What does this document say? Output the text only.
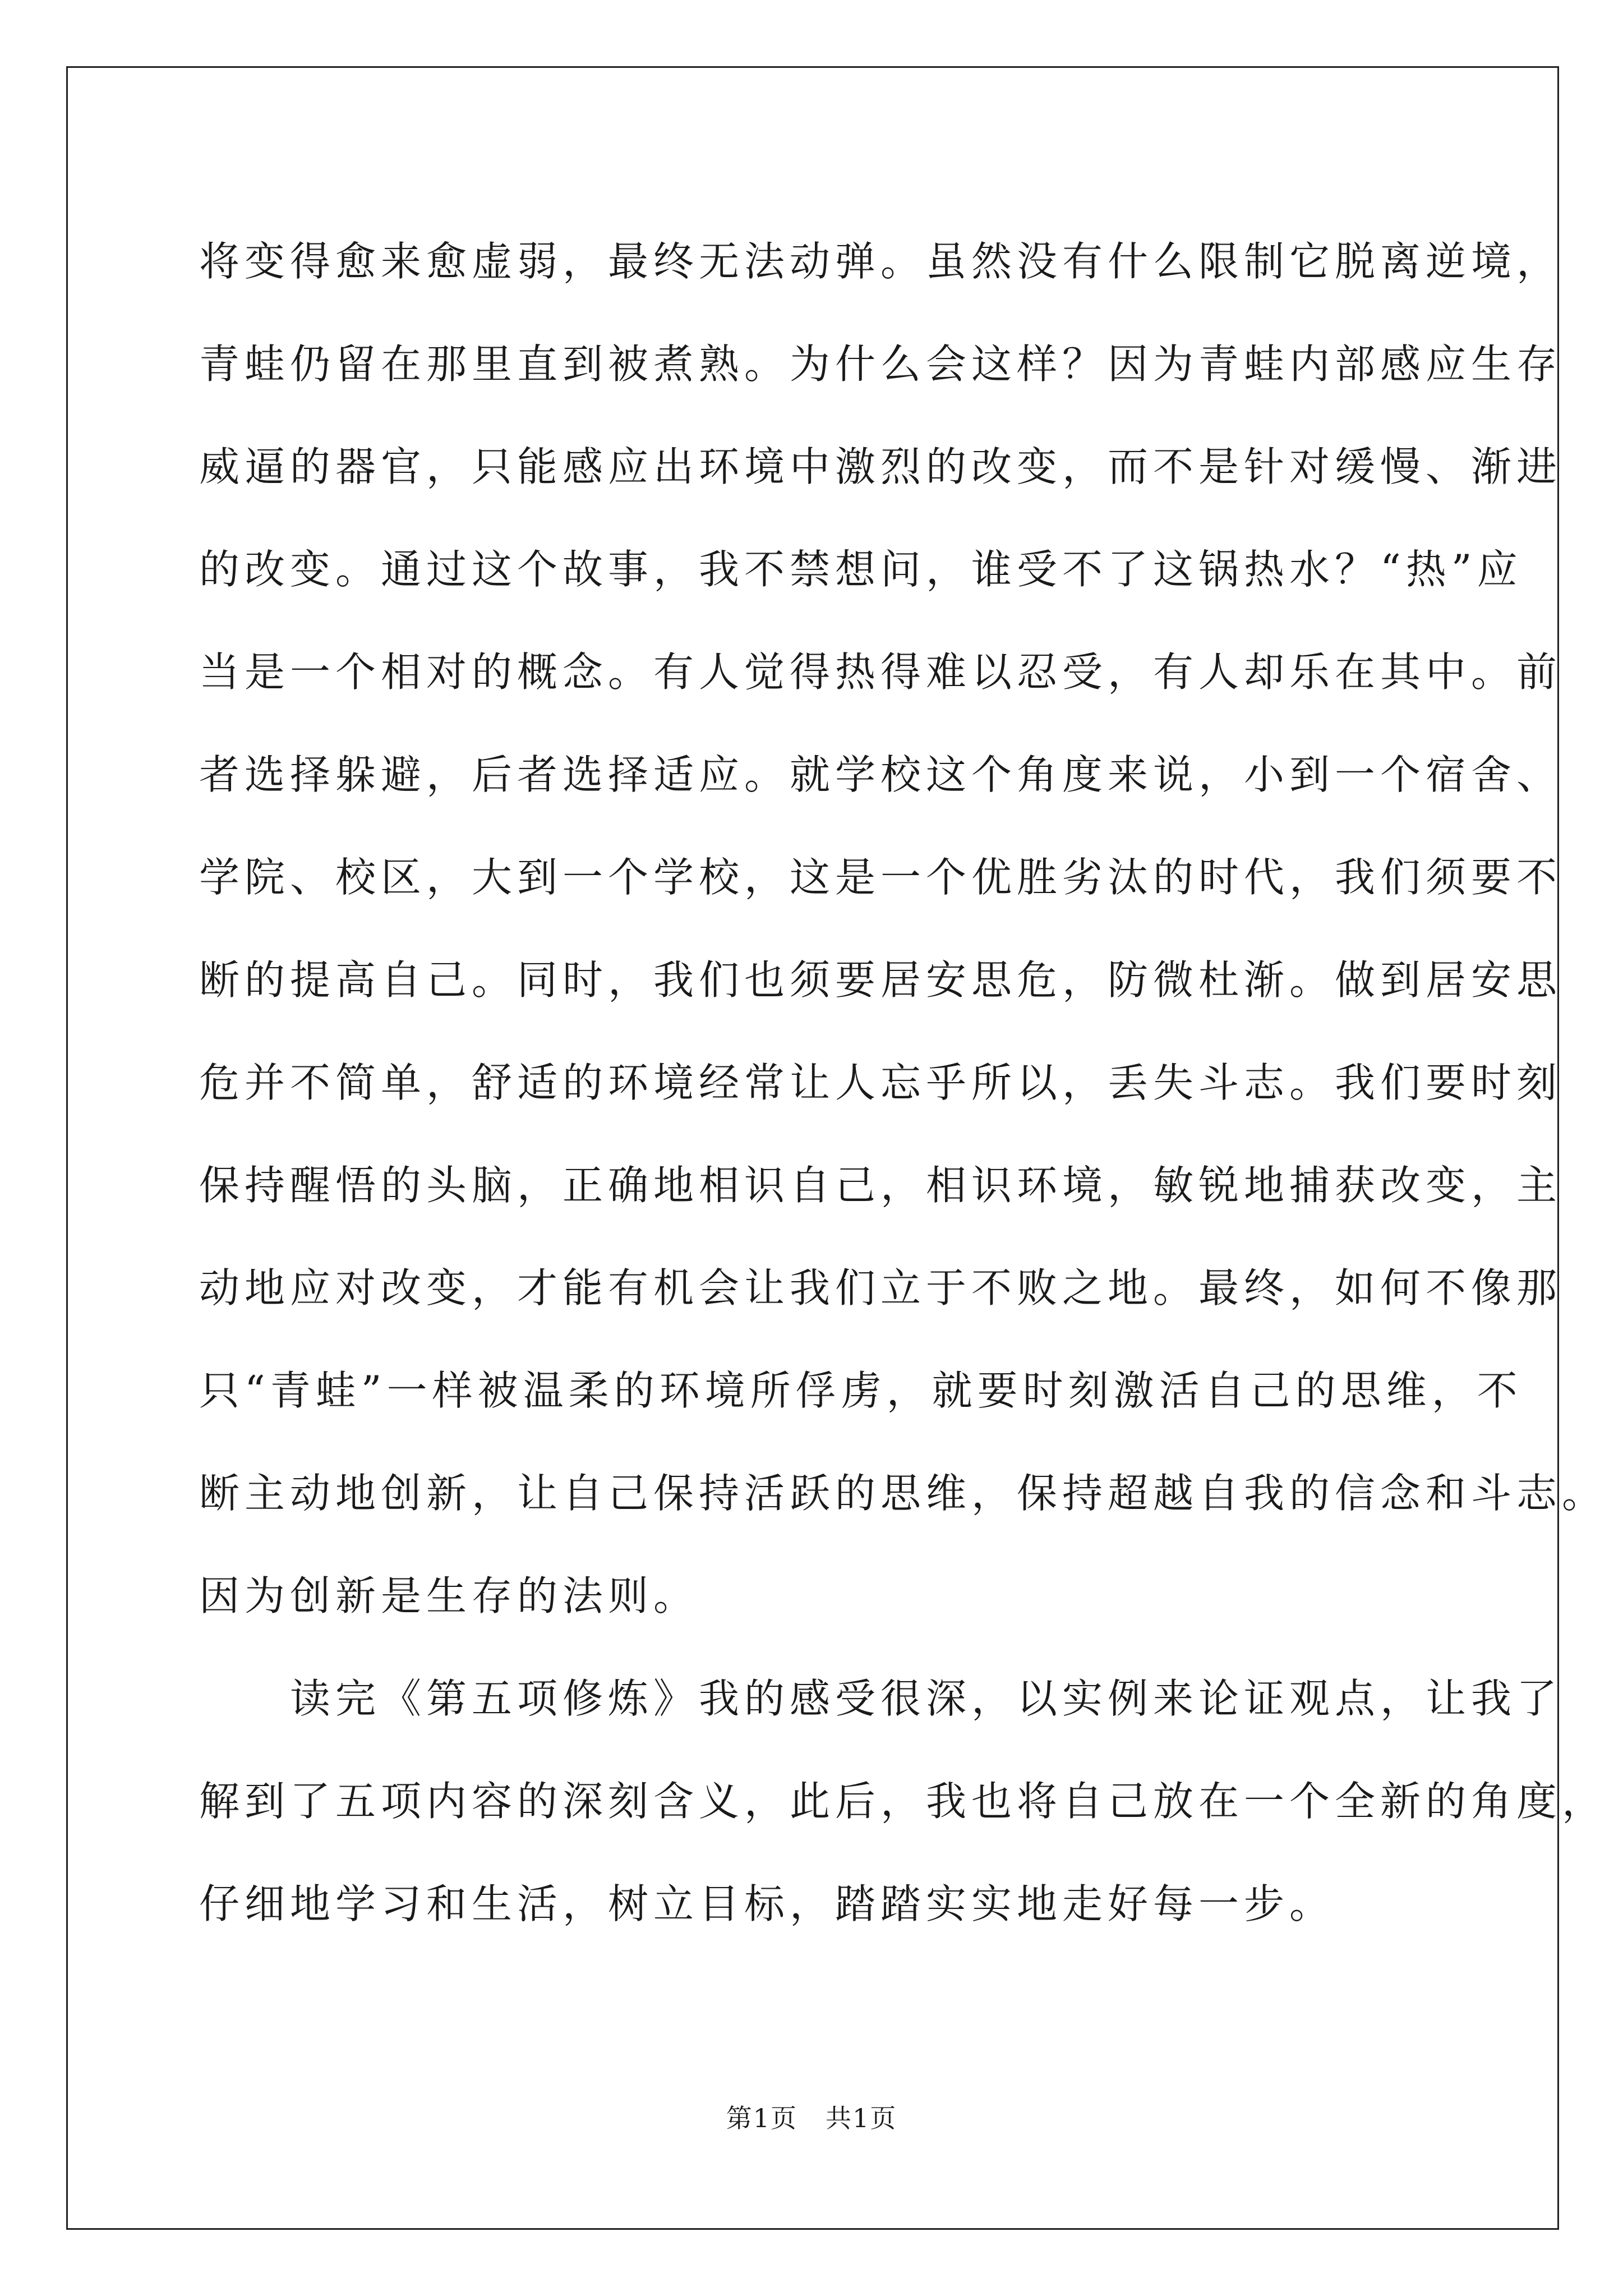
将变得愈来愈虚弱，最终无法动弹。虽然没有什么限制它脱离逆境，
青蛙仍留在那里直到被煮熟。为什么会这样？因为青蛙内部感应生存
威逼的器官，只能感应出环境中激烈的改变，而不是针对缓慢、渐进
的改变。通过这个故事，我不禁想问，谁受不了这锅热水？“热”应
当是一个相对的概念。有人觉得热得难以忍受，有人却乐在其中。前
者选择躲避，后者选择适应。就学校这个角度来说，小到一个宿舍、
学院、校区，大到一个学校，这是一个优胜劣汰的时代，我们须要不
断的提高自己。同时，我们也须要居安思危，防微杜渐。做到居安思
危并不简单，舒适的环境经常让人忘乎所以，丢失斗志。我们要时刻
保持醒悟的头脑，正确地相识自己，相识环境，敏锐地捕获改变，主
动地应对改变，才能有机会让我们立于不败之地。最终，如何不像那
只“青蛙”一样被温柔的环境所俘虏，就要时刻激活自己的思维，不
断主动地创新，让自己保持活跃的思维，保持超越自我的信念和斗志。
因为创新是生存的法则。
　　读完《第五项修炼》我的感受很深，以实例来论证观点，让我了
解到了五项内容的深刻含义，此后，我也将自己放在一个全新的角度，
仔细地学习和生活，树立目标，踏踏实实地走好每一步。
第1页 共1页
